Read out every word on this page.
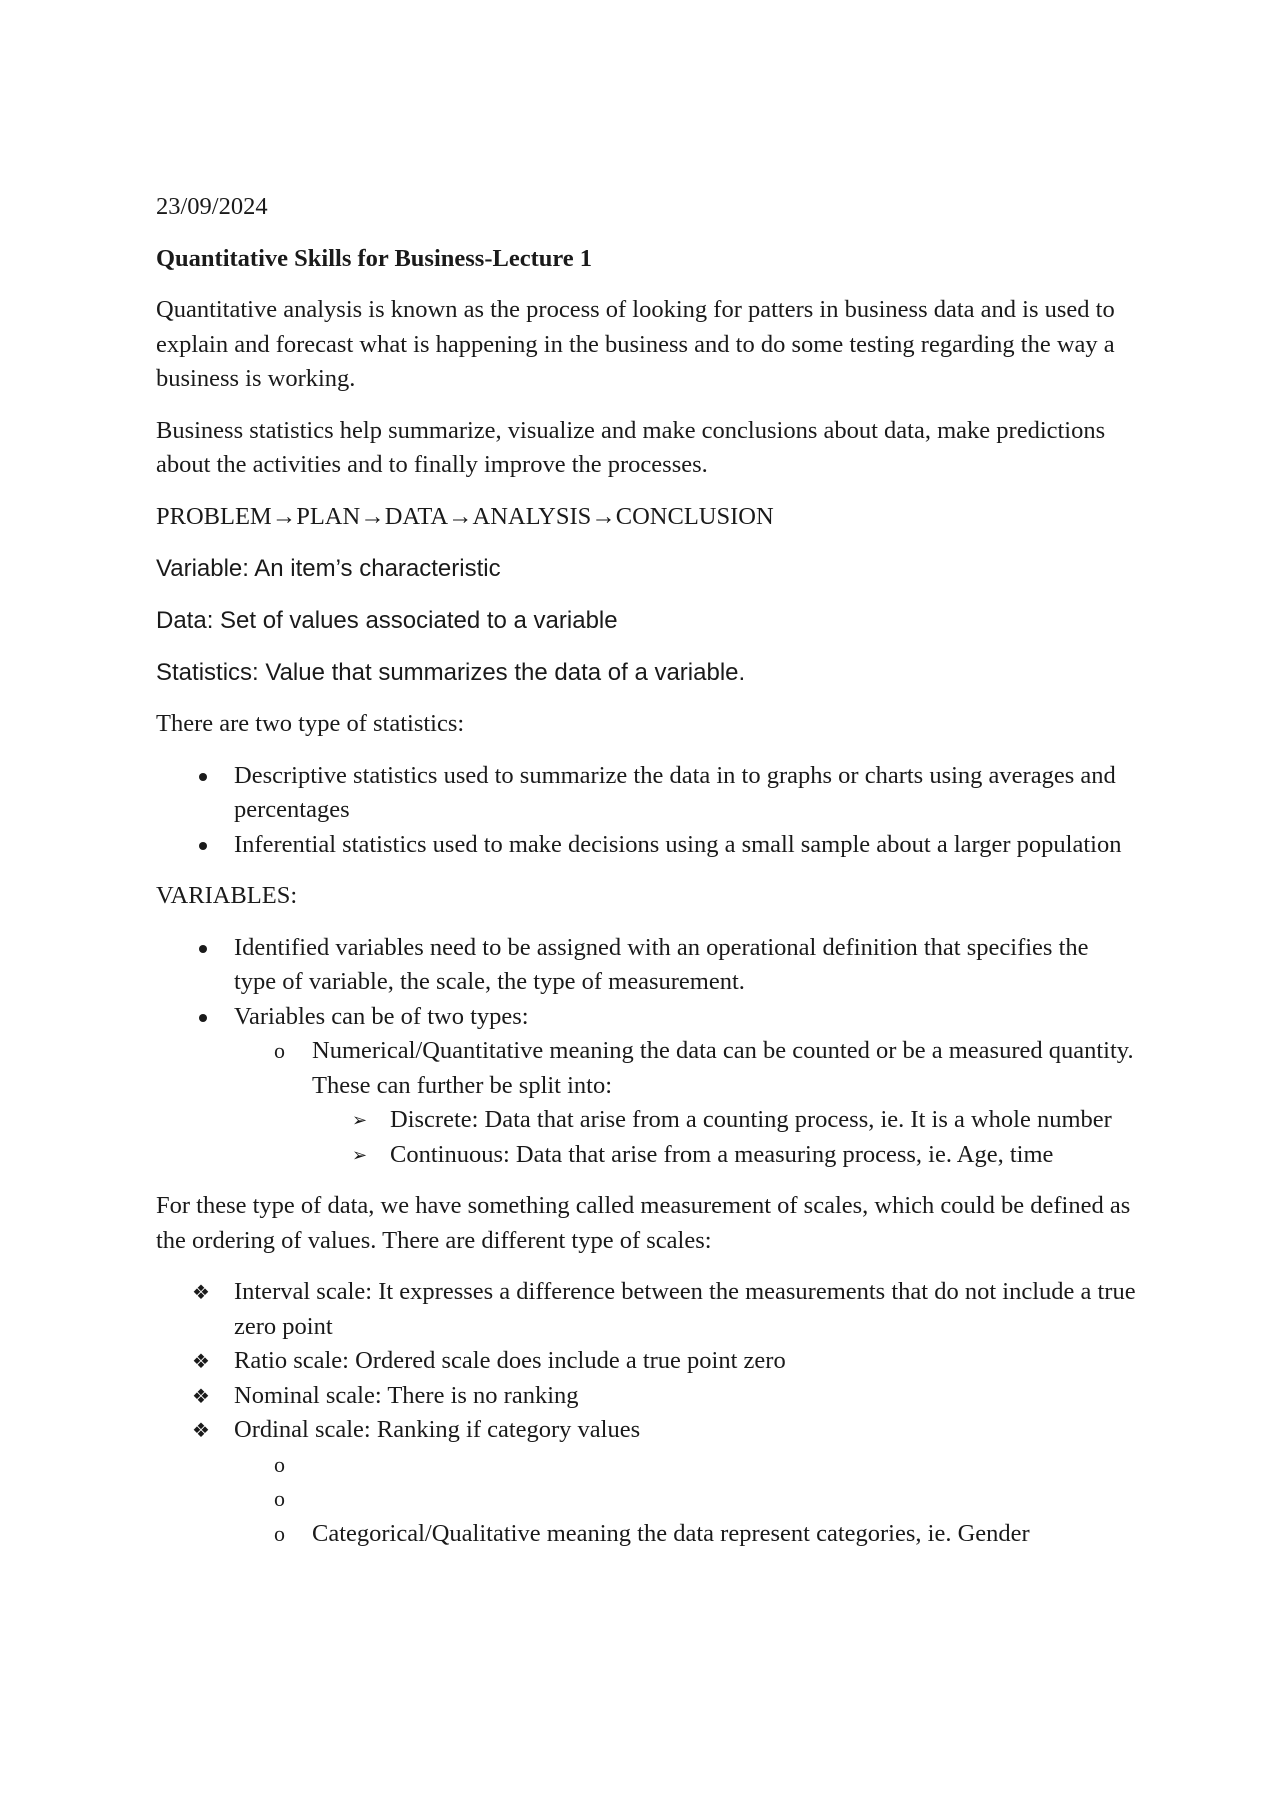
23/09/2024

Quantitative Skills for Business-Lecture 1

Quantitative analysis is known as the process of looking for patters in business data and is used to explain and forecast what is happening in the business and to do some testing regarding the way a business is working.

Business statistics help summarize, visualize and make conclusions about data, make predictions about the activities and to finally improve the processes.

PROBLEM→PLAN→DATA→ANALYSIS→CONCLUSION

Variable: An item’s characteristic

Data: Set of values associated to a variable

Statistics: Value that summarizes the data of a variable.

There are two type of statistics:

Descriptive statistics used to summarize the data in to graphs or charts using averages and percentages
Inferential statistics used to make decisions using a small sample about a larger population

VARIABLES:

Identified variables need to be assigned with an operational definition that specifies the type of variable, the scale, the type of measurement.
Variables can be of two types:
o Numerical/Quantitative meaning the data can be counted or be a measured quantity. These can further be split into:
➢ Discrete: Data that arise from a counting process, ie. It is a whole number
➢ Continuous: Data that arise from a measuring process, ie. Age, time

For these type of data, we have something called measurement of scales, which could be defined as the ordering of values. There are different type of scales:

❖ Interval scale: It expresses a difference between the measurements that do not include a true zero point
❖ Ratio scale: Ordered scale does include a true point zero
❖ Nominal scale: There is no ranking
❖ Ordinal scale: Ranking if category values
o
o
o Categorical/Qualitative meaning the data represent categories, ie. Gender
